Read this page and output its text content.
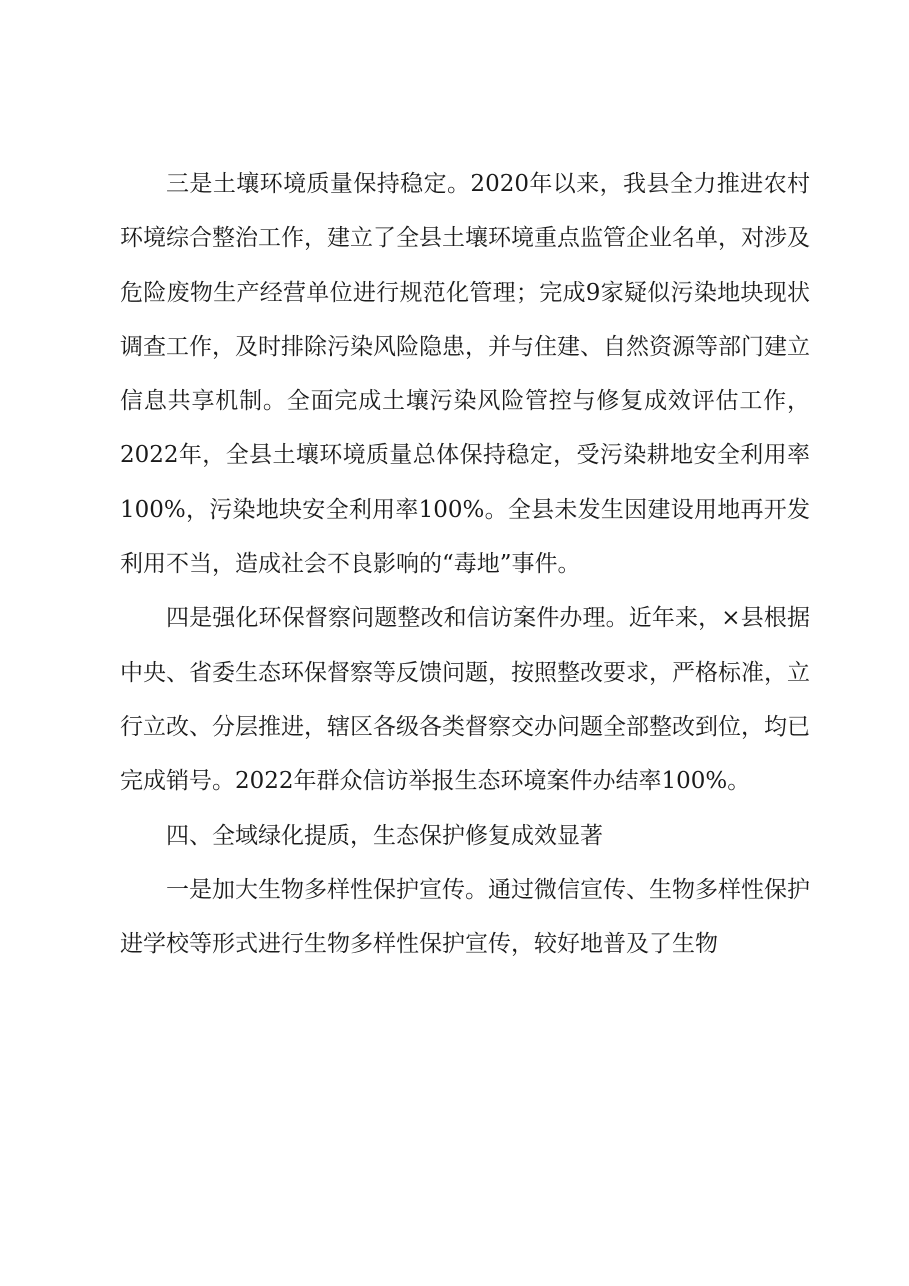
三是土壤环境质量保持稳定。2020年以来，我县全力推进农村环境综合整治工作，建立了全县土壤环境重点监管企业名单，对涉及危险废物生产经营单位进行规范化管理；完成9家疑似污染地块现状调查工作，及时排除污染风险隐患，并与住建、自然资源等部门建立信息共享机制。全面完成土壤污染风险管控与修复成效评估工作，2022年，全县土壤环境质量总体保持稳定，受污染耕地安全利用率100%，污染地块安全利用率100%。全县未发生因建设用地再开发利用不当，造成社会不良影响的“毒地”事件。

四是强化环保督察问题整改和信访案件办理。近年来，×县根据中央、省委生态环保督察等反馈问题，按照整改要求，严格标准，立行立改、分层推进，辖区各级各类督察交办问题全部整改到位，均已完成销号。2022年群众信访举报生态环境案件办结率100%。

四、全域绿化提质，生态保护修复成效显著

一是加大生物多样性保护宣传。通过微信宣传、生物多样性保护进学校等形式进行生物多样性保护宣传，较好地普及了生物
